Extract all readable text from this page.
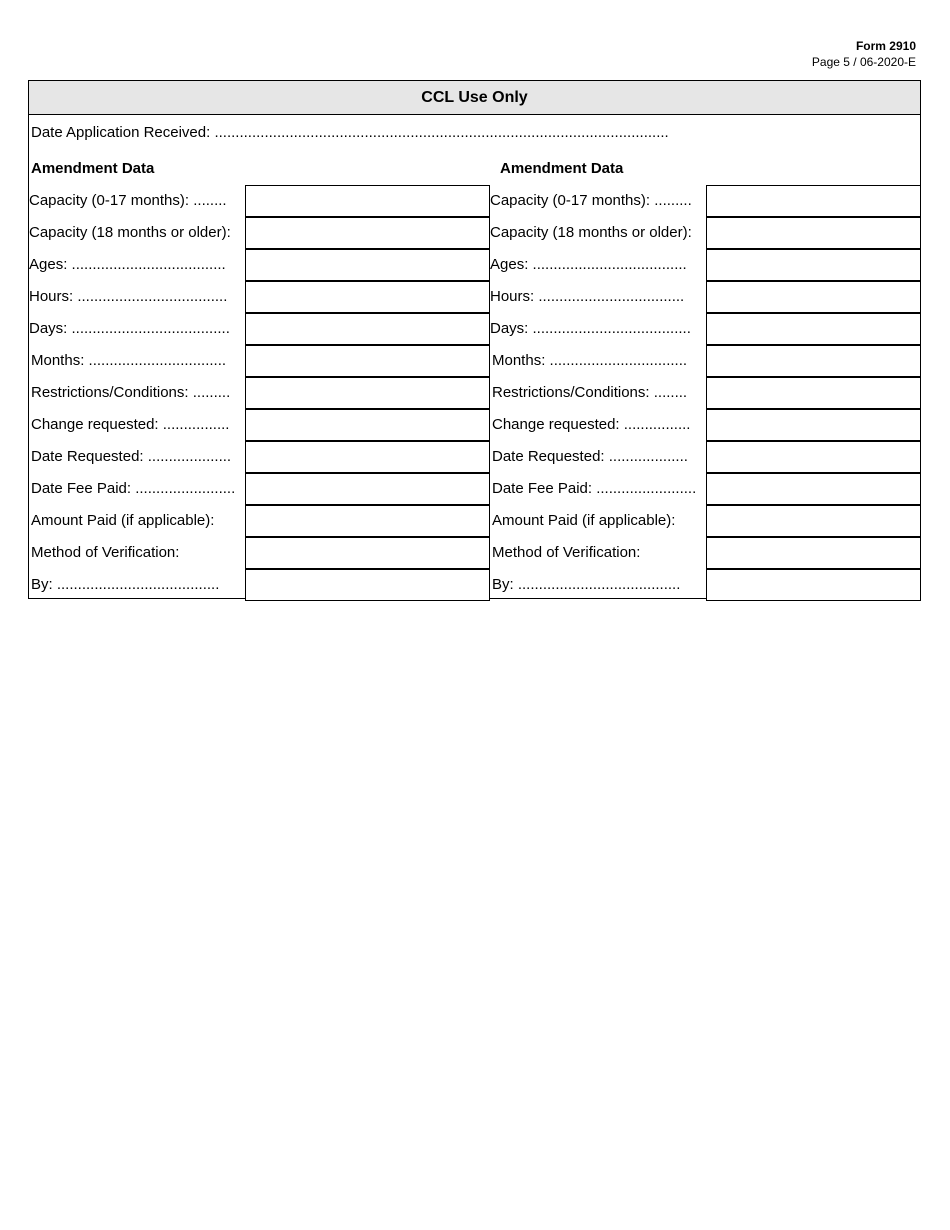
Form 2910
Page 5 / 06-2020-E
CCL Use Only
Date Application Received: .............................................................................................................
Amendment Data	Amendment Data
Capacity (0-17 months): ........
Capacity (18 months or older):
Ages: .....................................
Hours: ....................................
Days: ......................................
Months: .................................
Restrictions/Conditions: .........
Change requested: ................
Date Requested: ....................
Date Fee Paid: ........................
Amount Paid (if applicable):
Method of Verification:
By: .......................................
Capacity (0-17 months): .........
Capacity (18 months or older):
Ages: .....................................
Hours: ...................................
Days: ......................................
Months: .................................
Restrictions/Conditions: ........
Change requested: ................
Date Requested: ...................
Date Fee Paid: ........................
Amount Paid (if applicable):
Method of Verification:
By: .......................................
